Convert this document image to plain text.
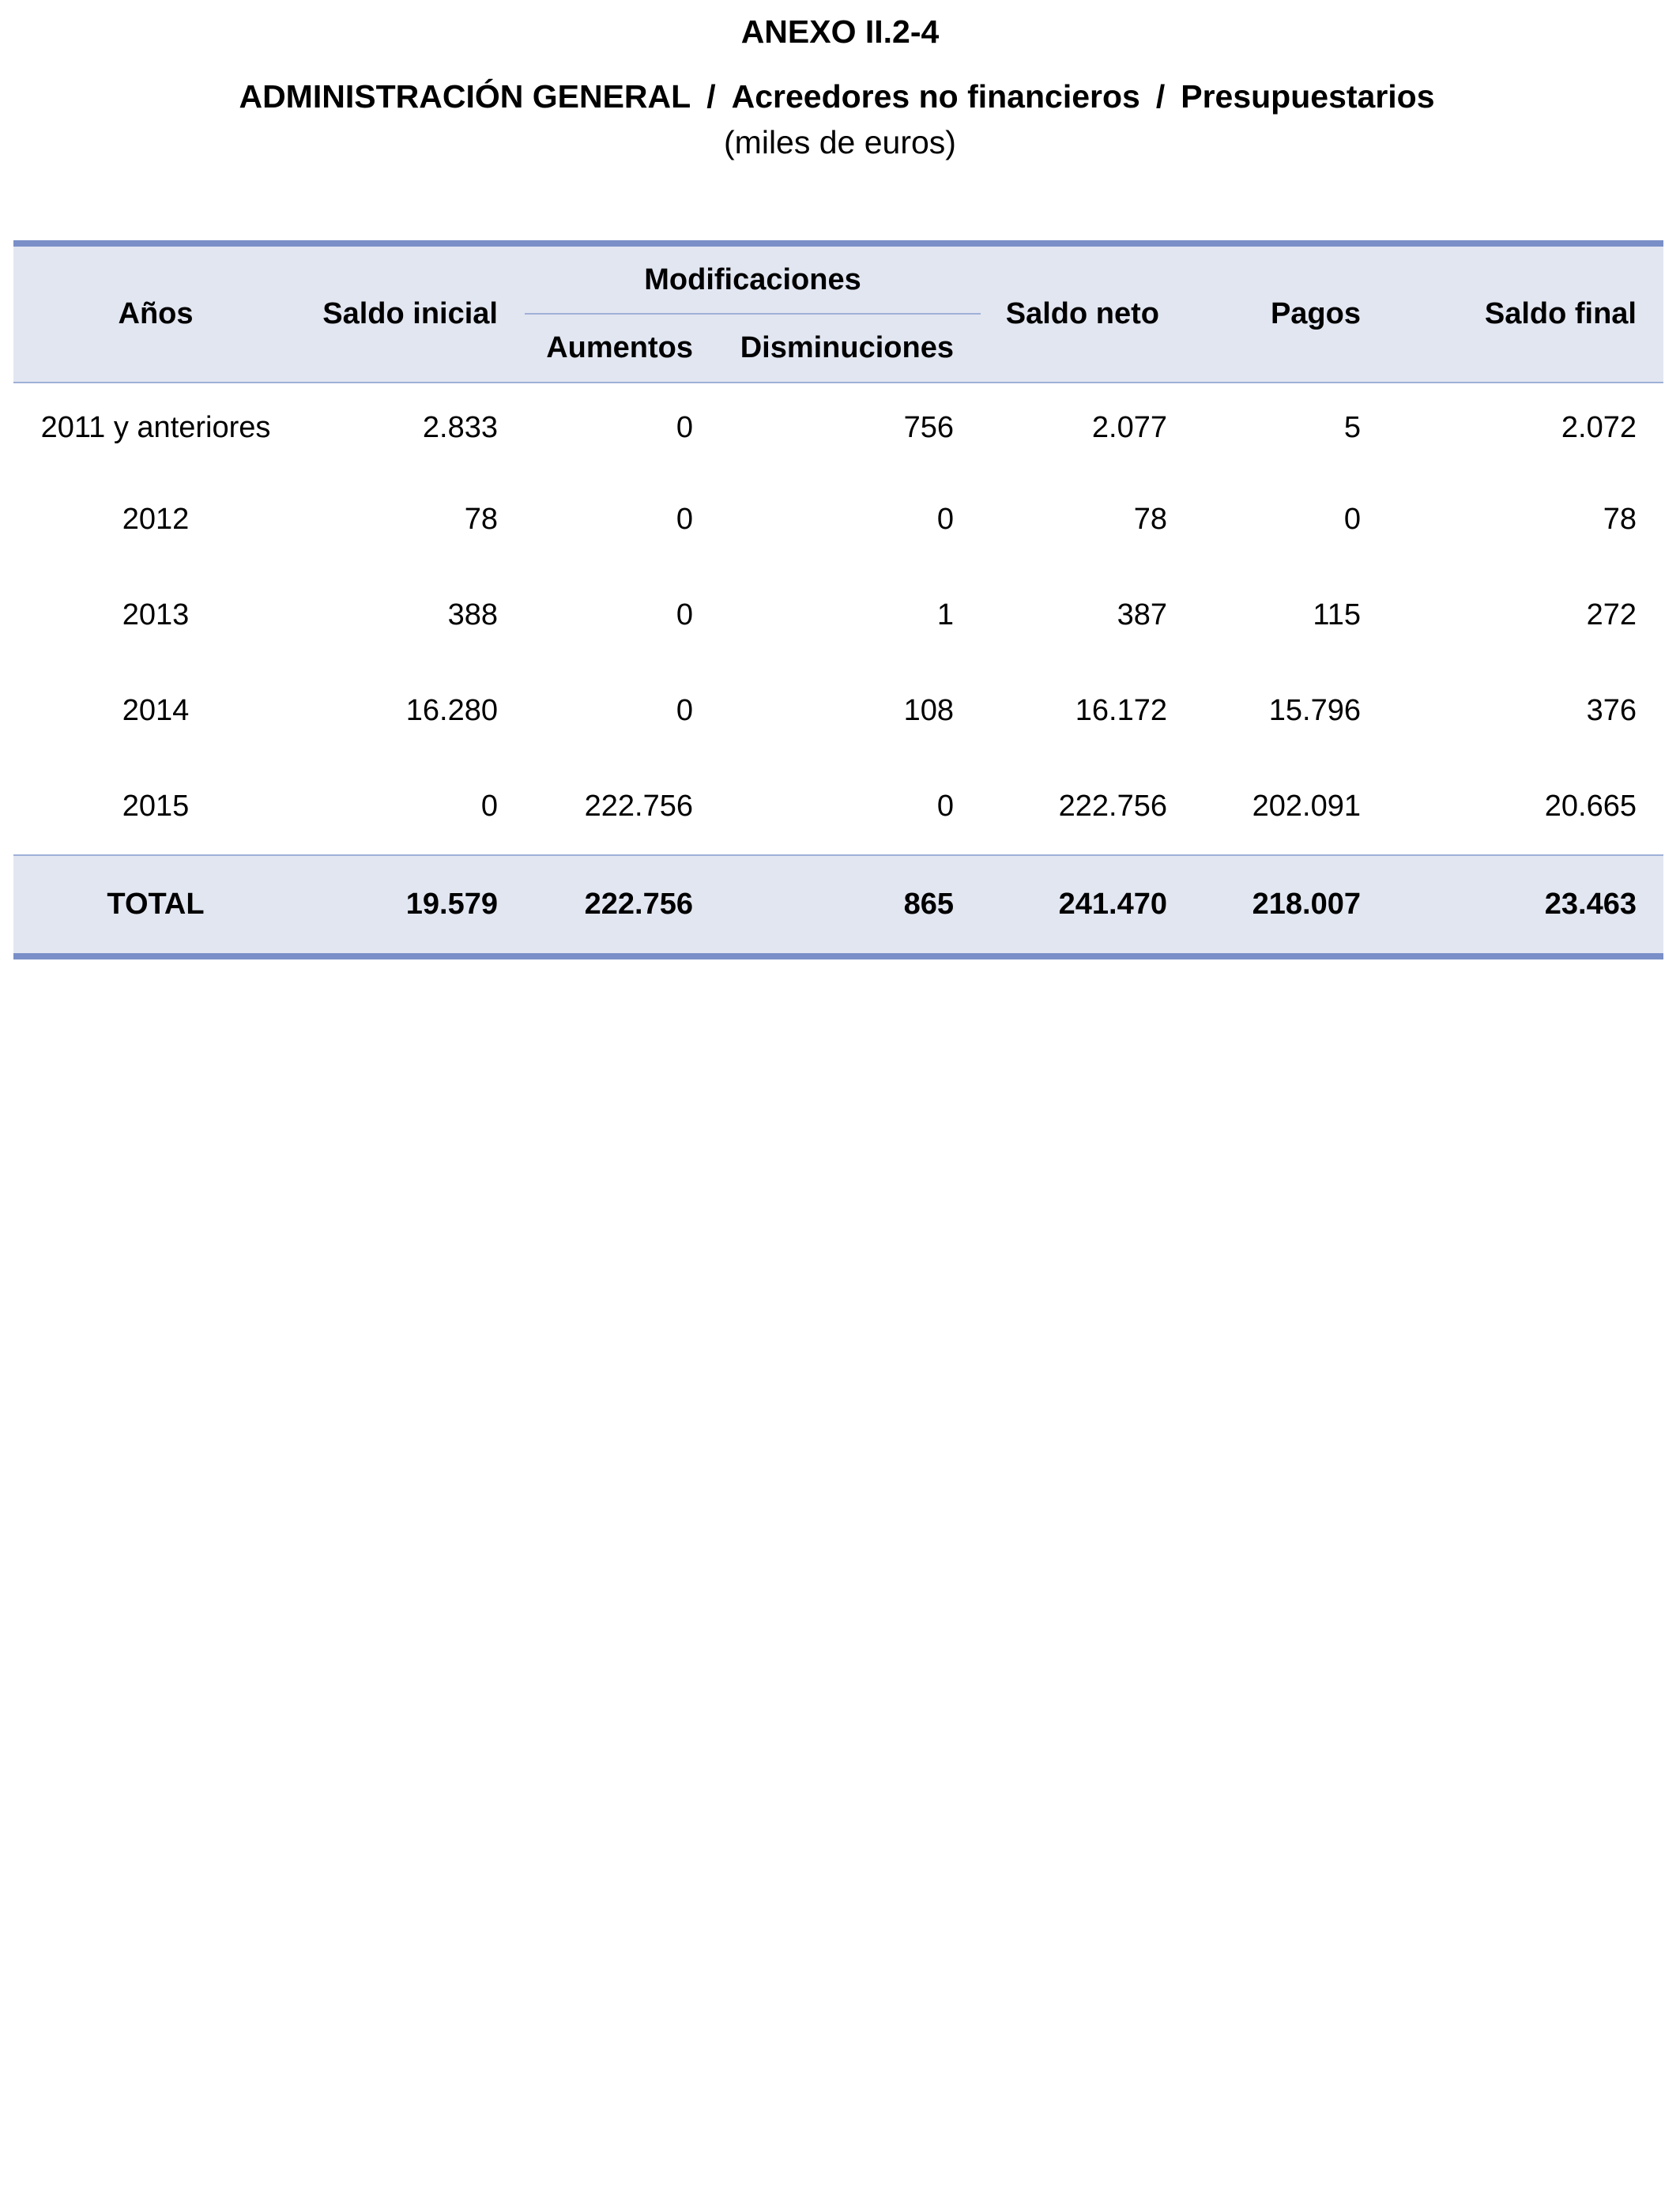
ANEXO II.2-4
ADMINISTRACIÓN GENERAL / Acreedores no financieros / Presupuestarios
(miles de euros)
Años	Saldo inicial	Modificaciones		Saldo neto	Pagos	Saldo final
		Aumentos	Disminuciones			
2011 y anteriores	2.833	0	756	2.077	5	2.072
2012	78	0	0	78	0	78
2013	388	0	1	387	115	272
2014	16.280	0	108	16.172	15.796	376
2015	0	222.756	0	222.756	202.091	20.665
TOTAL	19.579	222.756	865	241.470	218.007	23.463
